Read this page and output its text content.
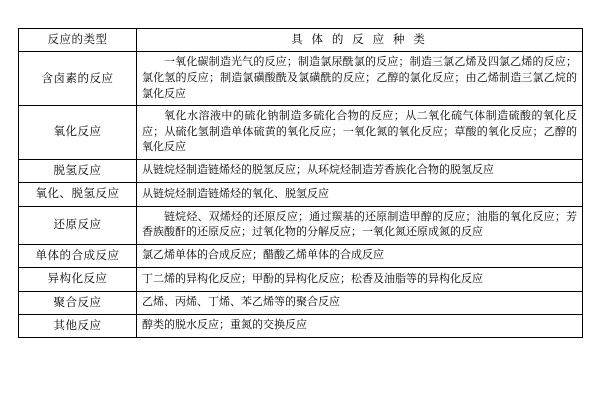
反应的类型	具 体 的 反 应 种 类
含卤素的反应	一氧化碳制造光气的反应；制造氯尿酰氯的反应；制造三氯乙烯及四氯乙烯的反应；氯化氢的反应；制造氯磺酸酰及氯磺酰的反应；乙醇的氯化反应；由乙烯制造三氯乙烷的氯化反应
氧化反应	氧化水溶液中的硫化钠制造多硫化合物的反应；从二氧化硫气体制造硫酸的氧化反应；从硫化氢制造单体硫黄的氧化反应；一氧化氮的氧化反应；草酸的氧化反应；乙醇的氧化反应
脱氢反应	从链烷烃制造链烯烃的脱氢反应；从环烷烃制造芳香族化合物的脱氢反应
氧化、脱氢反应	从链烷烃制造链烯烃的氧化、脱氢反应
还原反应	链烷烃、双烯烃的还原反应；通过羰基的还原制造甲醇的反应；油脂的氧化反应；芳香族酸酐的还原反应；过氧化物的分解反应；一氧化氮还原成氮的反应
单体的合成反应	氯乙烯单体的合成反应；醋酸乙烯单体的合成反应
异构化反应	丁二烯的异构化反应；甲酚的异构化反应；松香及油脂等的异构化反应
聚合反应	乙烯、丙烯、丁烯、苯乙烯等的聚合反应
其他反应	醇类的脱水反应；重氮的交换反应
